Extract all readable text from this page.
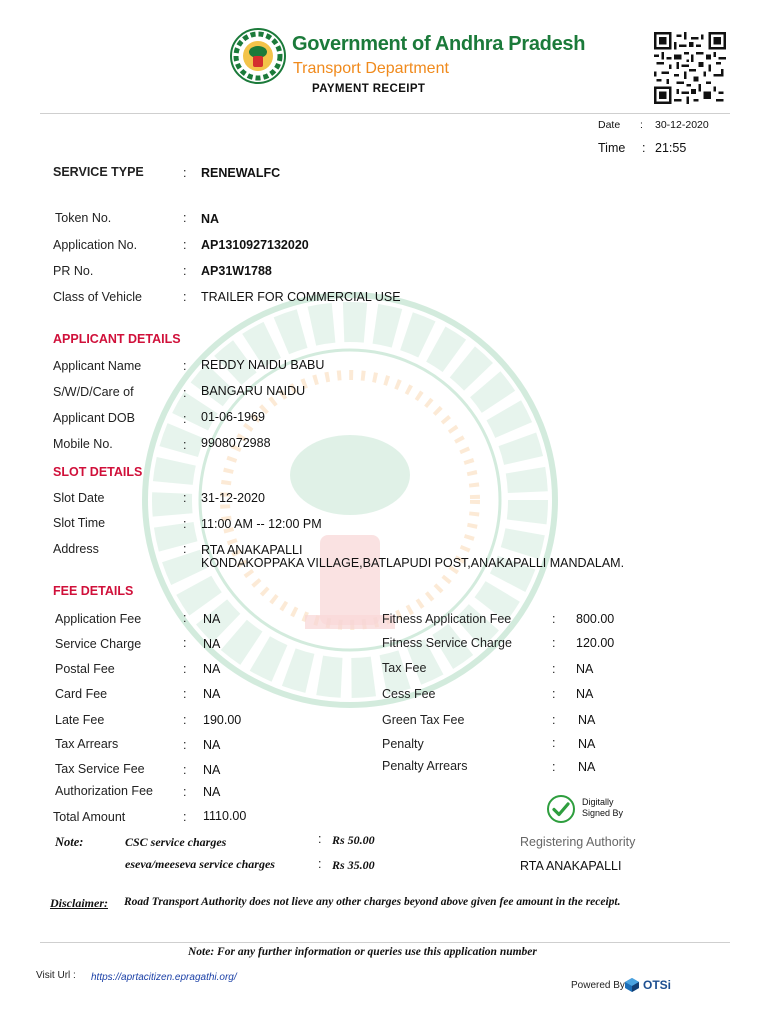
Government of Andhra Pradesh
Transport Department
PAYMENT RECEIPT
Date : 30-12-2020
Time : 21:55
SERVICE TYPE	: RENEWALFC
Token No.	: NA
Application No.	: AP1310927132020
PR No.	: AP31W1788
Class of Vehicle	: TRAILER FOR COMMERCIAL USE
APPLICANT DETAILS
Applicant Name	: REDDY NAIDU BABU
S/W/D/Care of	: BANGARU NAIDU
Applicant DOB	: 01-06-1969
Mobile No.	: 9908072988
SLOT DETAILS
Slot Date	: 31-12-2020
Slot Time	: 11:00 AM -- 12:00 PM
Address	: RTA ANAKAPALLI
KONDAKOPPAKA VILLAGE,BATLAPUDI POST,ANAKAPALLI MANDALAM.
FEE DETAILS
Application Fee	: NA
Service Charge	: NA
Postal Fee	: NA
Card Fee	: NA
Late Fee	: 190.00
Tax Arrears	: NA
Tax Service Fee	: NA
Authorization Fee : NA
Total Amount	: 1110.00
Fitness Application Fee	: 800.00
Fitness Service Charge	: 120.00
Tax Fee	: NA
Cess Fee	: NA
Green Tax Fee	: NA
Penalty	: NA
Penalty Arrears	: NA
Digitally
Signed By
Note:	CSC service charges	: Rs 50.00
eseva/meeseva service charges	: Rs 35.00
Registering Authority
RTA ANAKAPALLI
Disclaimer: Road Transport Authority does not lieve any other charges beyond above given fee amount in the receipt.
Note: For any further information or queries use this application number
Visit Url : https://aprtacitizen.epragathi.org/
Powered By OTSi
